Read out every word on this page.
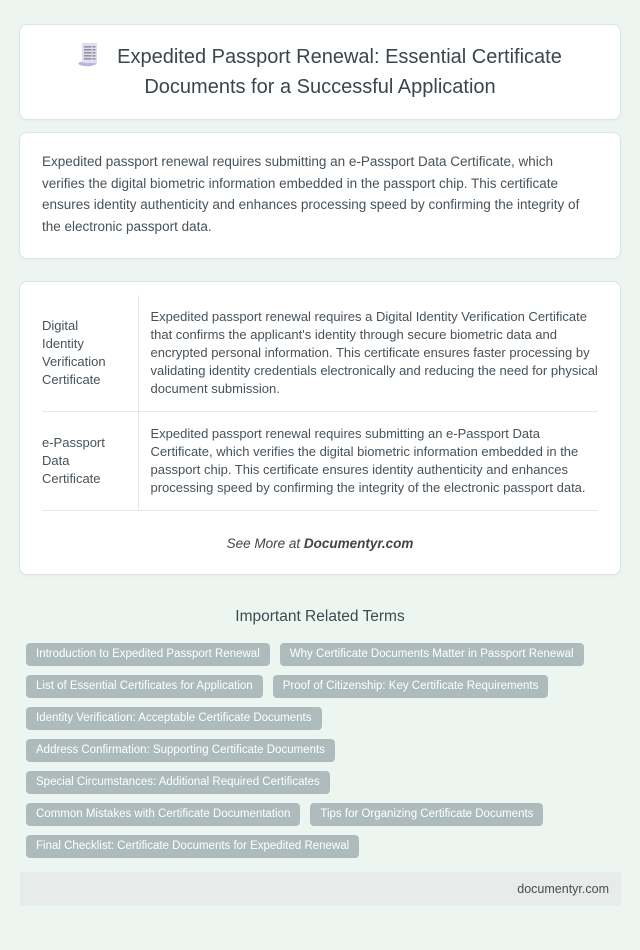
Expedited Passport Renewal: Essential Certificate Documents for a Successful Application

Expedited passport renewal requires submitting an e-Passport Data Certificate, which verifies the digital biometric information embedded in the passport chip. This certificate ensures identity authenticity and enhances processing speed by confirming the integrity of the electronic passport data.

Digital Identity Verification Certificate	Expedited passport renewal requires a Digital Identity Verification Certificate that confirms the applicant's identity through secure biometric data and encrypted personal information. This certificate ensures faster processing by validating identity credentials electronically and reducing the need for physical document submission.
e-Passport Data Certificate	Expedited passport renewal requires submitting an e-Passport Data Certificate, which verifies the digital biometric information embedded in the passport chip. This certificate ensures identity authenticity and enhances processing speed by confirming the integrity of the electronic passport data.
See More at Documentyr.com
Important Related Terms
Introduction to Expedited Passport Renewal	Why Certificate Documents Matter in Passport Renewal
List of Essential Certificates for Application	Proof of Citizenship: Key Certificate Requirements
Identity Verification: Acceptable Certificate Documents
Address Confirmation: Supporting Certificate Documents
Special Circumstances: Additional Required Certificates
Common Mistakes with Certificate Documentation	Tips for Organizing Certificate Documents
Final Checklist: Certificate Documents for Expedited Renewal
documentyr.com
